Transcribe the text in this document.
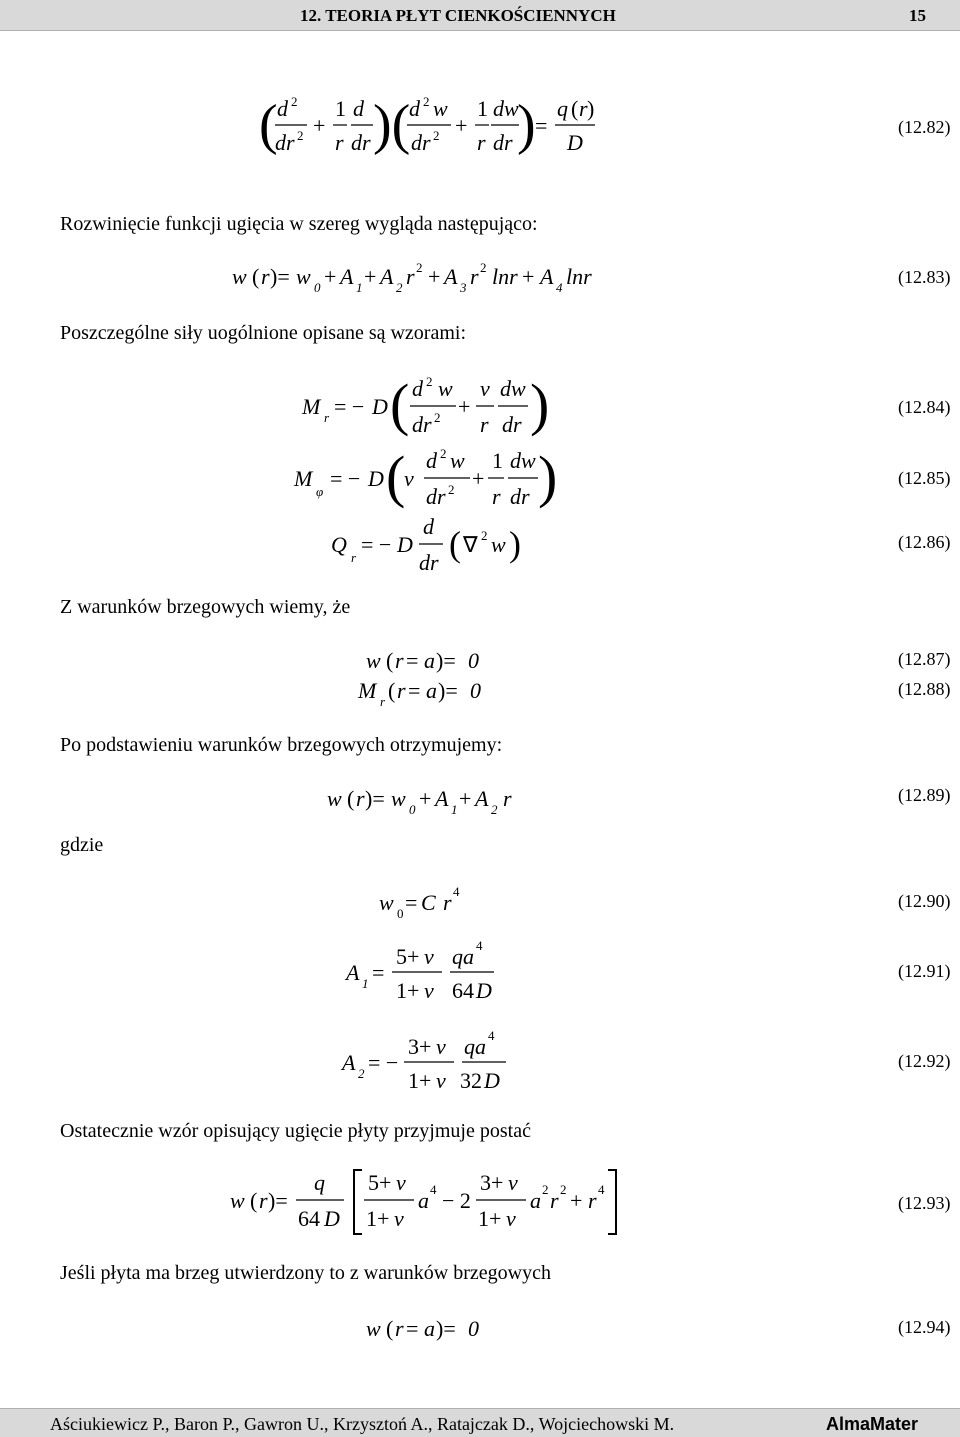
12. TEORIA PŁYT CIENKOŚCIENNYCH	15
( d 2
dr 2 +
1
r
d
dr )(
d 2 w
dr 2 +
1
r
dw
dr ) =
q ( r )
D
(12.82)
Rozwinięcie funkcji ugięcia w szereg wygląda następująco:
w ( r )= w 0 + A 1 + A 2 r 2 + A 3 r 2 lnr + A 4 lnr	(12.83)
Poszczególne siły uogólnione opisane są wzorami:
M r = − D ( d 2 w
dr 2 +
ν
r
dw
dr )	(12.84)
M
φ
= − D (
ν
d 2 w
dr 2 +
1
r
dw
dr )	(12.85)
Q
r
= − D
d
dr ( ∇ 2 w )	(12.86)
Z warunków brzegowych wiemy, że
w ( r = a )= 0	(12.87)
M r ( r = a )= 0	(12.88)
Po podstawieniu warunków brzegowych otrzymujemy:
w ( r )= w 0 + A 1 + A 2 r	(12.89)
gdzie
w 0 = C r 4	(12.90)
A 1 =
5+ ν
1+ ν
qa 4
64 D
(12.91)
A 2 = −
3+ ν
1+ ν
qa 4
32 D
(12.92)
Ostatecznie wzór opisujący ugięcie płyty przyjmuje postać
w ( r )=
q
64 D
5+ ν
1+ ν
a 4 − 2
3+ ν
1+ ν
a 2 r 2 + r 4
(12.93)
Jeśli płyta ma brzeg utwierdzony to z warunków brzegowych
w ( r = a )= 0	(12.94)
Aściukiewicz P., Baron P., Gawron U., Krzysztoń A., Ratajczak D., Wojciechowski M.	AlmaMater
